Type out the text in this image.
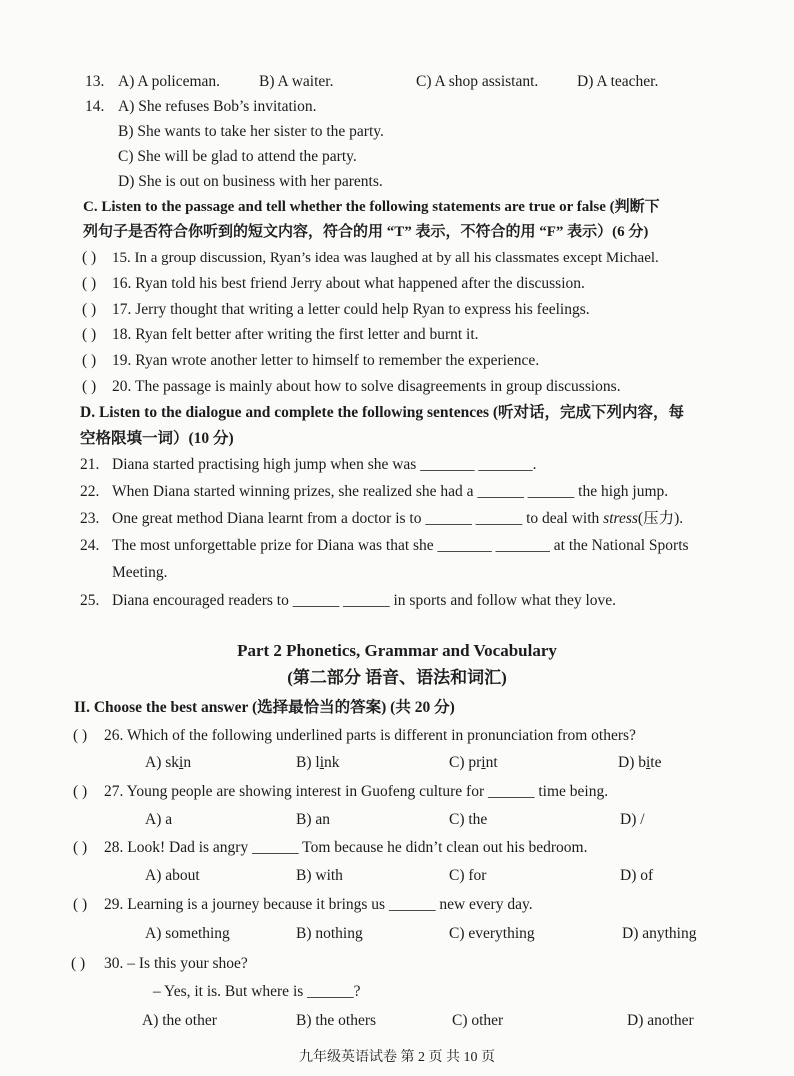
13. A) A policeman.	B) A waiter.	C) A shop assistant. D) A teacher.
14. A) She refuses Bob’s invitation.
B) She wants to take her sister to the party.
C) She will be glad to attend the party.
D) She is out on business with her parents.
C. Listen to the passage and tell whether the following statements are true or false (判断下
列句子是否符合你听到的短文内容，符合的用 “T” 表示，不符合的用 “F” 表示）(6 分)
( ) 15. In a group discussion, Ryan’s idea was laughed at by all his classmates except Michael.
( ) 16. Ryan told his best friend Jerry about what happened after the discussion.
( ) 17. Jerry thought that writing a letter could help Ryan to express his feelings.
( ) 18. Ryan felt better after writing the first letter and burnt it.
( ) 19. Ryan wrote another letter to himself to remember the experience.
( ) 20. The passage is mainly about how to solve disagreements in group discussions.
D. Listen to the dialogue and complete the following sentences (听对话，完成下列内容，每
空格限填一词）(10 分)
21. Diana started practising high jump when she was _______ _______.
22. When Diana started winning prizes, she realized she had a ______ ______ the high jump.
23. One great method Diana learnt from a doctor is to ______ ______ to deal with stress(压力).
24. The most unforgettable prize for Diana was that she _______ _______ at the National Sports
Meeting.
25. Diana encouraged readers to ______ ______ in sports and follow what they love.
Part 2 Phonetics, Grammar and Vocabulary
(第二部分 语音、语法和词汇)
II. Choose the best answer (选择最恰当的答案) (共 20 分)
( ) 26. Which of the following underlined parts is different in pronunciation from others?
A) skin	B) link	C) print	D) bite
( ) 27. Young people are showing interest in Guofeng culture for ______ time being.
A) a	B) an	C) the	D) /
( ) 28. Look! Dad is angry ______ Tom because he didn’t clean out his bedroom.
A) about	B) with	C) for	D) of
( ) 29. Learning is a journey because it brings us ______ new every day.
A) something	B) nothing	C) everything	D) anything
( ) 30. – Is this your shoe?
– Yes, it is. But where is ______?
A) the other	B) the others	C) other	D) another
九年级英语试卷 第 2 页 共 10 页
